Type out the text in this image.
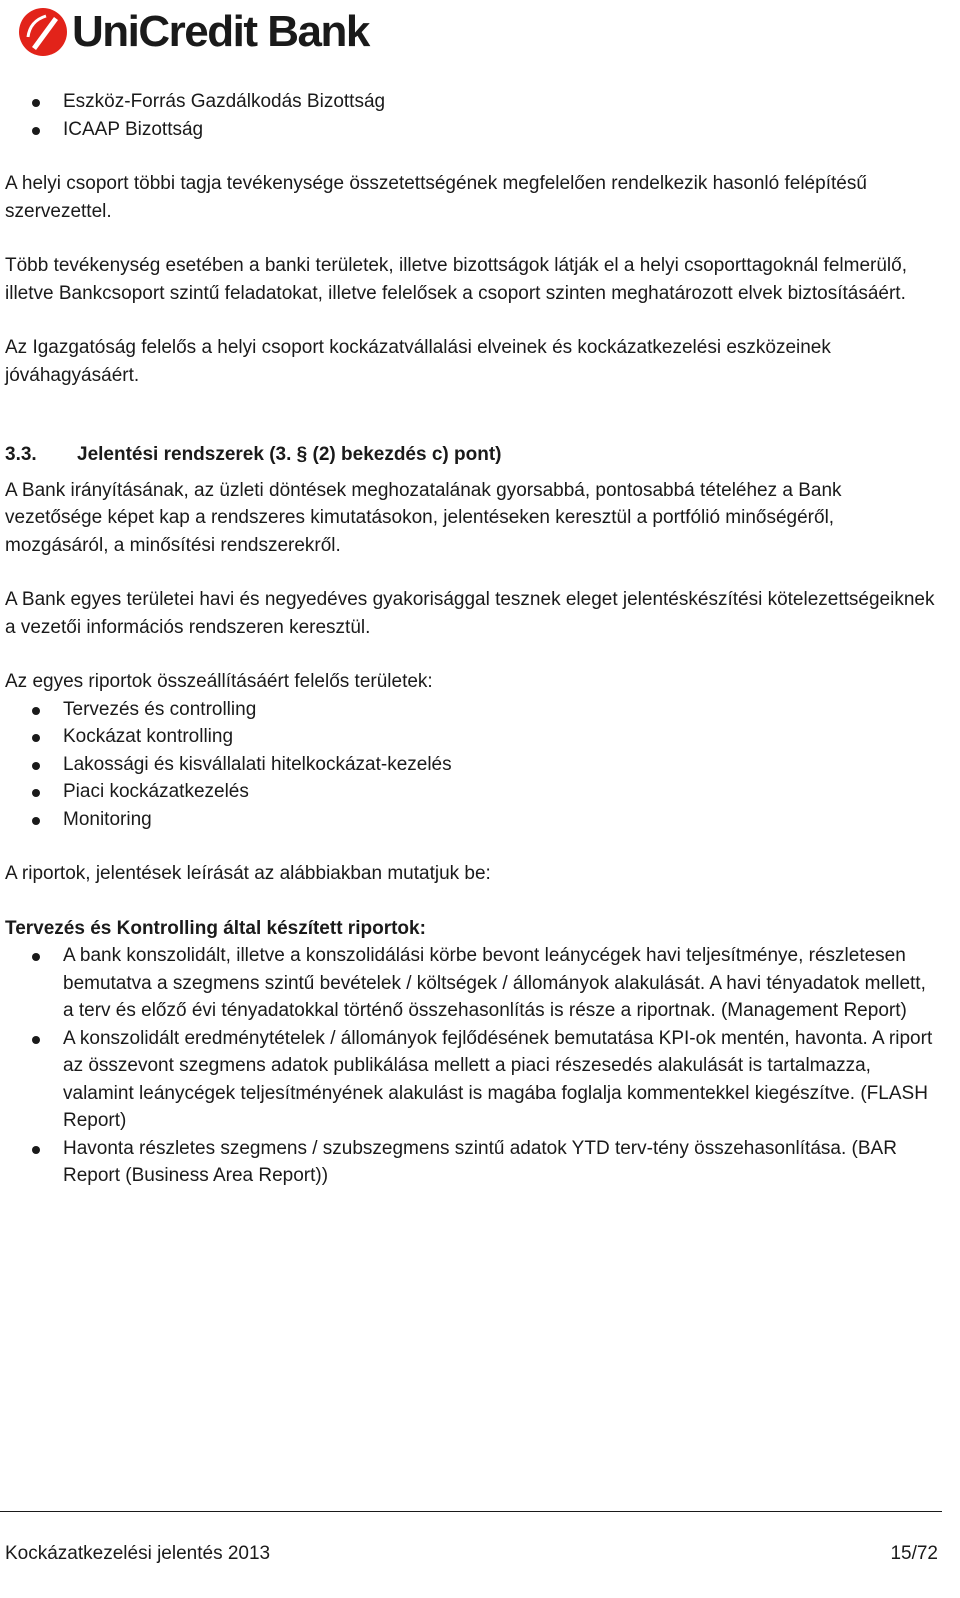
UniCredit Bank
Eszköz-Forrás Gazdálkodás Bizottság
ICAAP Bizottság

A helyi csoport többi tagja tevékenysége összetettségének megfelelően rendelkezik hasonló felépítésű szervezettel.

Több tevékenység esetében a banki területek, illetve bizottságok látják el a helyi csoporttagoknál felmerülő, illetve Bankcsoport szintű feladatokat, illetve felelősek a csoport szinten meghatározott elvek biztosításáért.

Az Igazgatóság felelős a helyi csoport kockázatvállalási elveinek és kockázatkezelési eszközeinek jóváhagyásáért.

3.3.	Jelentési rendszerek (3. § (2) bekezdés c) pont)

A Bank irányításának, az üzleti döntések meghozatalának gyorsabbá, pontosabbá tételéhez a Bank vezetősége képet kap a rendszeres kimutatásokon, jelentéseken keresztül a portfólió minőségéről, mozgásáról, a minősítési rendszerekről.

A Bank egyes területei havi és negyedéves gyakorisággal tesznek eleget jelentéskészítési kötelezettségeiknek a vezetői információs rendszeren keresztül.

Az egyes riportok összeállításáért felelős területek:

Tervezés és controlling
Kockázat kontrolling
Lakossági és kisvállalati hitelkockázat-kezelés
Piaci kockázatkezelés
Monitoring

A riportok, jelentések leírását az alábbiakban mutatjuk be:

Tervezés és Kontrolling által készített riportok:

A bank konszolidált, illetve a konszolidálási körbe bevont leánycégek havi teljesítménye, részletesen bemutatva a szegmens szintű bevételek / költségek / állományok alakulását. A havi tényadatok mellett, a terv és előző évi tényadatokkal történő összehasonlítás is része a riportnak. (Management Report)
A konszolidált eredménytételek / állományok fejlődésének bemutatása KPI-ok mentén, havonta. A riport az összevont szegmens adatok publikálása mellett a piaci részesedés alakulását is tartalmazza, valamint leánycégek teljesítményének alakulást is magába foglalja kommentekkel kiegészítve. (FLASH Report)
Havonta részletes szegmens / szubszegmens szintű adatok YTD terv-tény összehasonlítása. (BAR Report (Business Area Report))
Kockázatkezelési jelentés 2013	15/72
